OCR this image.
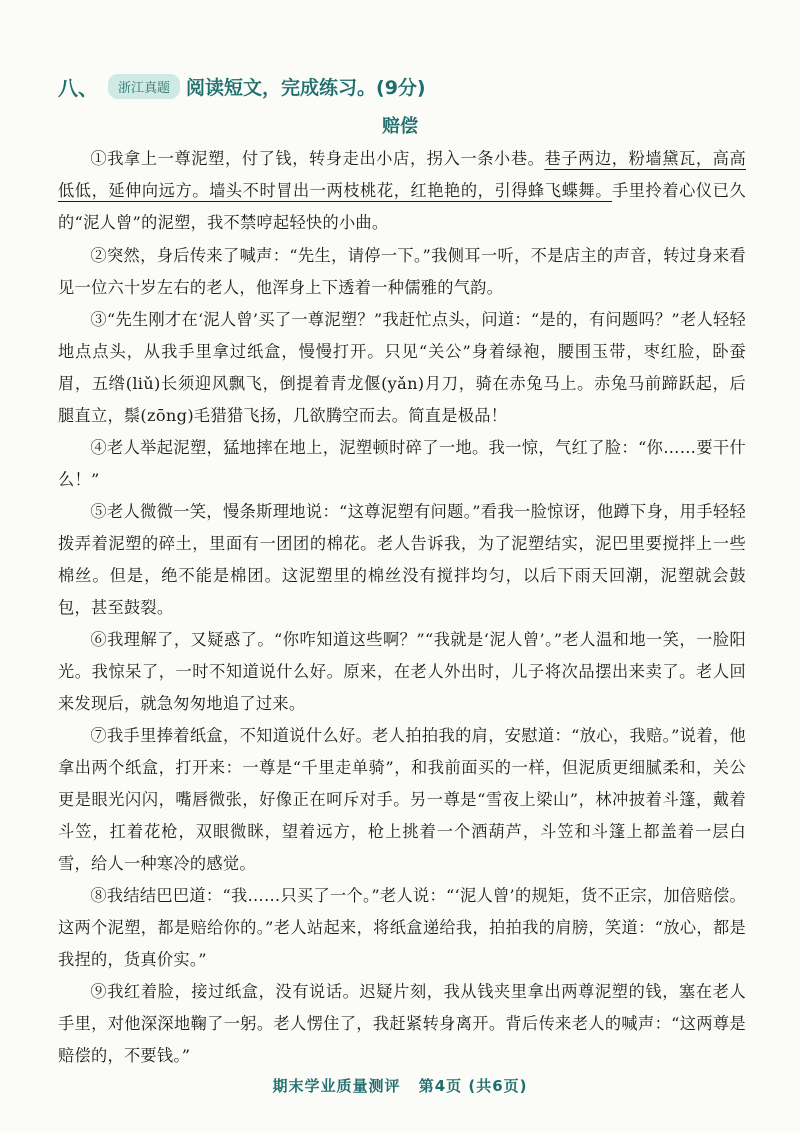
八、	浙江真题 阅读短文，完成练习。(9分)
赔偿
①我拿上一尊泥塑，付了钱，转身走出小店，拐入一条小巷。巷子两边，粉墙黛瓦，高高低低，延伸向远方。墙头不时冒出一两枝桃花，红艳艳的，引得蜂飞蝶舞。手里拎着心仪已久的“泥人曾”的泥塑，我不禁哼起轻快的小曲。
②突然，身后传来了喊声：“先生，请停一下。”我侧耳一听，不是店主的声音，转过身来看见一位六十岁左右的老人，他浑身上下透着一种儒雅的气韵。
③“先生刚才在‘泥人曾’买了一尊泥塑？”我赶忙点头，问道：“是的，有问题吗？”老人轻轻地点点头，从我手里拿过纸盒，慢慢打开。只见“关公”身着绿袍，腰围玉带，枣红脸，卧蚕眉，五绺(liǔ)长须迎风飘飞，倒提着青龙偃(yǎn)月刀，骑在赤兔马上。赤兔马前蹄跃起，后腿直立，鬃(zōng)毛猎猎飞扬，几欲腾空而去。简直是极品！
④老人举起泥塑，猛地摔在地上，泥塑顿时碎了一地。我一惊，气红了脸：“你……要干什么！”
⑤老人微微一笑，慢条斯理地说：“这尊泥塑有问题。”看我一脸惊讶，他蹲下身，用手轻轻拨弄着泥塑的碎土，里面有一团团的棉花。老人告诉我，为了泥塑结实，泥巴里要搅拌上一些棉丝。但是，绝不能是棉团。这泥塑里的棉丝没有搅拌均匀，以后下雨天回潮，泥塑就会鼓包，甚至鼓裂。
⑥我理解了，又疑惑了。“你咋知道这些啊？”“我就是‘泥人曾’。”老人温和地一笑，一脸阳光。我惊呆了，一时不知道说什么好。原来，在老人外出时，儿子将次品摆出来卖了。老人回来发现后，就急匆匆地追了过来。
⑦我手里捧着纸盒，不知道说什么好。老人拍拍我的肩，安慰道：“放心，我赔。”说着，他拿出两个纸盒，打开来：一尊是“千里走单骑”，和我前面买的一样，但泥质更细腻柔和，关公更是眼光闪闪，嘴唇微张，好像正在呵斥对手。另一尊是“雪夜上梁山”，林冲披着斗篷，戴着斗笠，扛着花枪，双眼微眯，望着远方，枪上挑着一个酒葫芦，斗笠和斗篷上都盖着一层白雪，给人一种寒冷的感觉。
⑧我结结巴巴道：“我……只买了一个。”老人说：“‘泥人曾’的规矩，货不正宗，加倍赔偿。这两个泥塑，都是赔给你的。”老人站起来，将纸盒递给我，拍拍我的肩膀，笑道：“放心，都是我捏的，货真价实。”
⑨我红着脸，接过纸盒，没有说话。迟疑片刻，我从钱夹里拿出两尊泥塑的钱，塞在老人手里，对他深深地鞠了一躬。老人愣住了，我赶紧转身离开。背后传来老人的喊声：“这两尊是赔偿的，不要钱。”
期末学业质量测评 第4页 (共6页)
